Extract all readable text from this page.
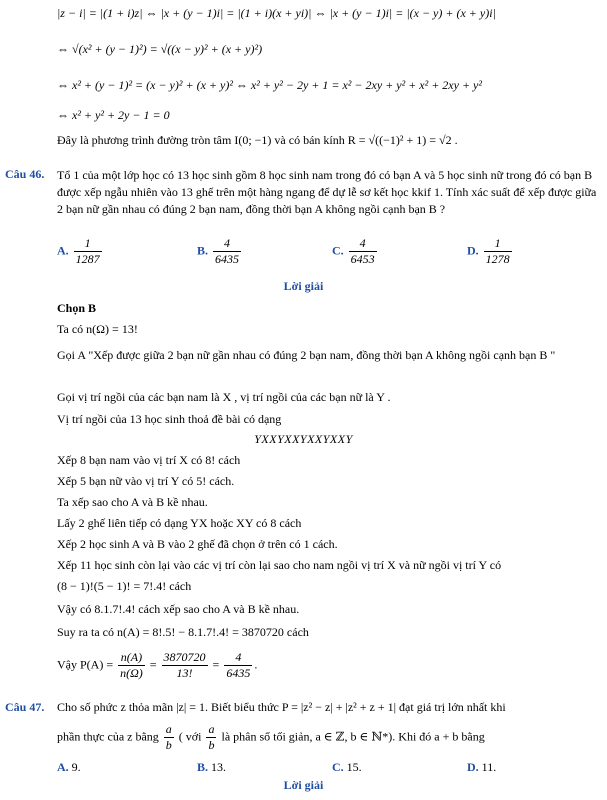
|z − i| = |(1 + i)z| ⇔ |x + (y − 1)i| = |(1 + i)(x + yi)| ⇔ |x + (y − 1)i| = |(x − y) + (x + y)i|
⇔ √(x² + (y − 1)²) = √((x − y)² + (x + y)²)
⇔ x² + (y − 1)² = (x − y)² + (x + y)² ⇔ x² + y² − 2y + 1 = x² − 2xy + y² + x² + 2xy + y²
⇔ x² + y² + 2y − 1 = 0
Đây là phương trình đường tròn tâm I(0; −1) và có bán kính R = √((−1)² + 1) = √2 .
Câu 46. Tổ 1 của một lớp học có 13 học sinh gồm 8 học sinh nam trong đó có bạn A và 5 học sinh nữ trong đó có bạn B được xếp ngẫu nhiên vào 13 ghế trên một hàng ngang để dự lễ sơ kết học kkif 1. Tính xác suất để xếp được giữa 2 bạn nữ gần nhau có đúng 2 bạn nam, đồng thời bạn A không ngồi cạnh bạn B ?
A. $\frac{1}{1287}$	B. $\frac{4}{6435}$	C. $\frac{4}{6453}$	D. $\frac{1}{1278}$
Lời giải
Chọn B
Ta có n(Ω) = 13!
Gọi A "Xếp được giữa 2 bạn nữ gần nhau có đúng 2 bạn nam, đồng thời bạn A không ngồi cạnh bạn B "
Gọi vị trí ngồi của các bạn nam là X , vị trí ngồi của các bạn nữ là Y .
Vị trí ngồi của 13 học sinh thoả đề bài có dạng
YXXYXXYXXYXXY
Xếp 8 bạn nam vào vị trí X có 8! cách
Xếp 5 bạn nữ vào vị trí Y có 5! cách.
Ta xếp sao cho A và B kề nhau.
Lấy 2 ghế liên tiếp có dạng YX hoặc XY có 8 cách
Xếp 2 học sinh A và B vào 2 ghế đã chọn ở trên có 1 cách.
Xếp 11 học sinh còn lại vào các vị trí còn lại sao cho nam ngồi vị trí X và nữ ngồi vị trí Y có
(8 − 1)!(5 − 1)! = 7!.4! cách
Vậy có 8.1.7!.4! cách xếp sao cho A và B kề nhau.
Suy ra ta có n(A) = 8!.5! − 8.1.7!.4! = 3870720 cách
Vậy $P(A) = \frac{n(A)}{n(\Omega)} = \frac{3870720}{13!} = \frac{4}{6435}$ .
Câu 47. Cho số phức z thỏa mãn |z| = 1. Biết biểu thức P = |z² − z| + |z² + z + 1| đạt giá trị lớn nhất khi
phần thực của z bằng $\frac{a}{b}$ ( với $\frac{a}{b}$ là phân số tối giản, a ∈ ℤ, b ∈ ℕ*). Khi đó a + b bằng
A. 9.	B. 13.	C. 15.	D. 11.
Lời giải
